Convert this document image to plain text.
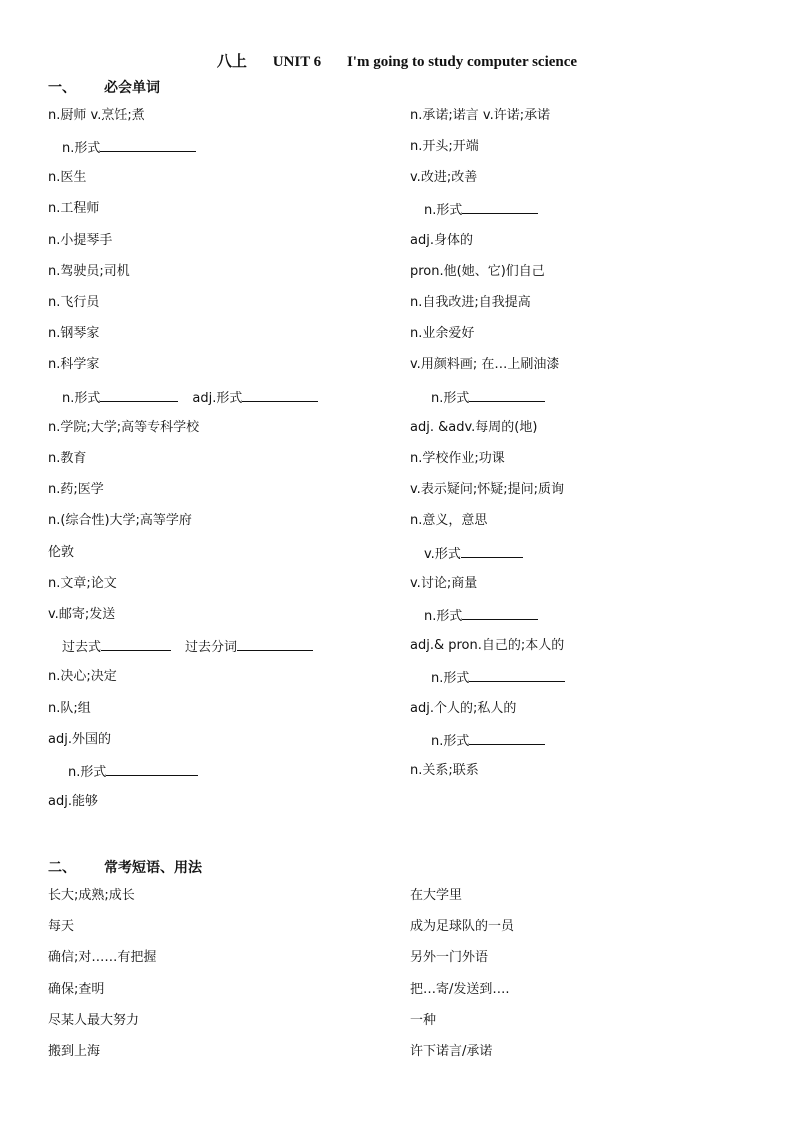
八上 UNIT 6 I'm going to study computer science
一、 必会单词
n.厨师 v.烹饪;煮
n.形式
n.医生
n.工程师
n.小提琴手
n.驾驶员;司机
n.飞行员
n.钢琴家
n.科学家
n.形式	adj.形式
n.学院;大学;高等专科学校
n.教育
n.药;医学
n.(综合性)大学;高等学府
伦敦
n.文章;论文
v.邮寄;发送
过去式	过去分词
n.决心;决定
n.队;组
adj.外国的
n.形式
adj.能够
n.承诺;诺言 v.许诺;承诺
n.开头;开端
v.改进;改善
n.形式
adj.身体的
pron.他(她、它)们自己
n.自我改进;自我提高
n.业余爱好
v.用颜料画; 在…上刷油漆
n.形式
adj. &adv.每周的(地)
n.学校作业;功课
v.表示疑问;怀疑;提问;质询
n.意义，意思
v.形式
v.讨论;商量
n.形式
adj.& pron.自己的;本人的
n.形式
adj.个人的;私人的
n.形式
n.关系;联系
二、 常考短语、用法
长大;成熟;成长
每天
确信;对……有把握
确保;查明
尽某人最大努力
搬到上海
在大学里
成为足球队的一员
另外一门外语
把…寄/发送到….
一种
许下诺言/承诺
